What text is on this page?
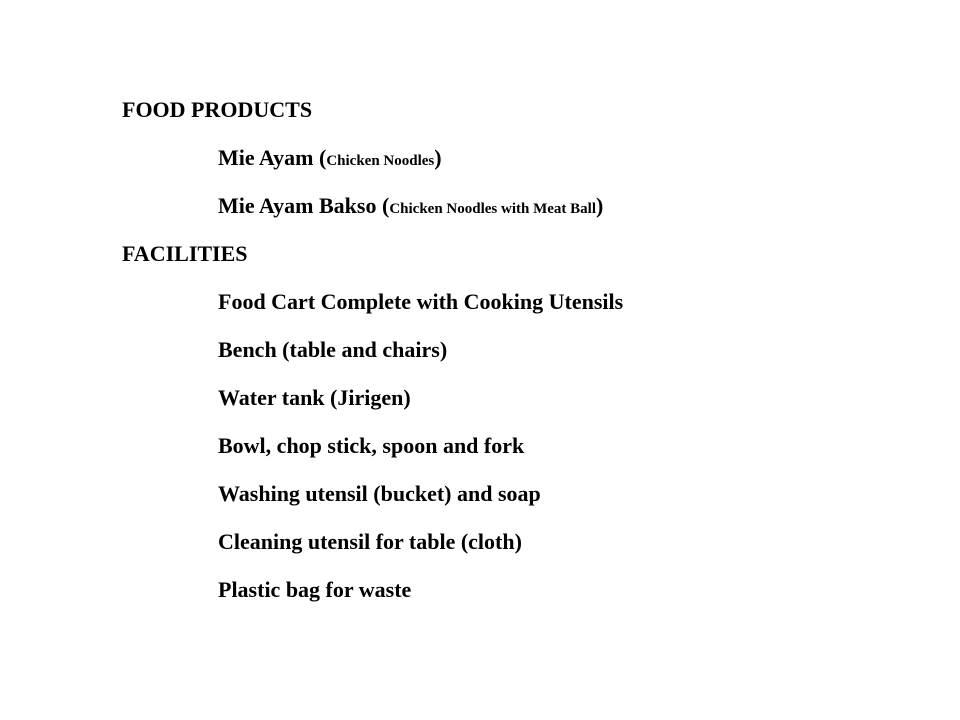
FOOD PRODUCTS
Mie Ayam (Chicken Noodles)
Mie Ayam Bakso (Chicken Noodles with Meat Ball)
FACILITIES
Food Cart Complete with Cooking Utensils
Bench (table and chairs)
Water tank (Jirigen)
Bowl, chop stick, spoon and fork
Washing utensil (bucket) and soap
Cleaning utensil for table (cloth)
Plastic bag for waste
